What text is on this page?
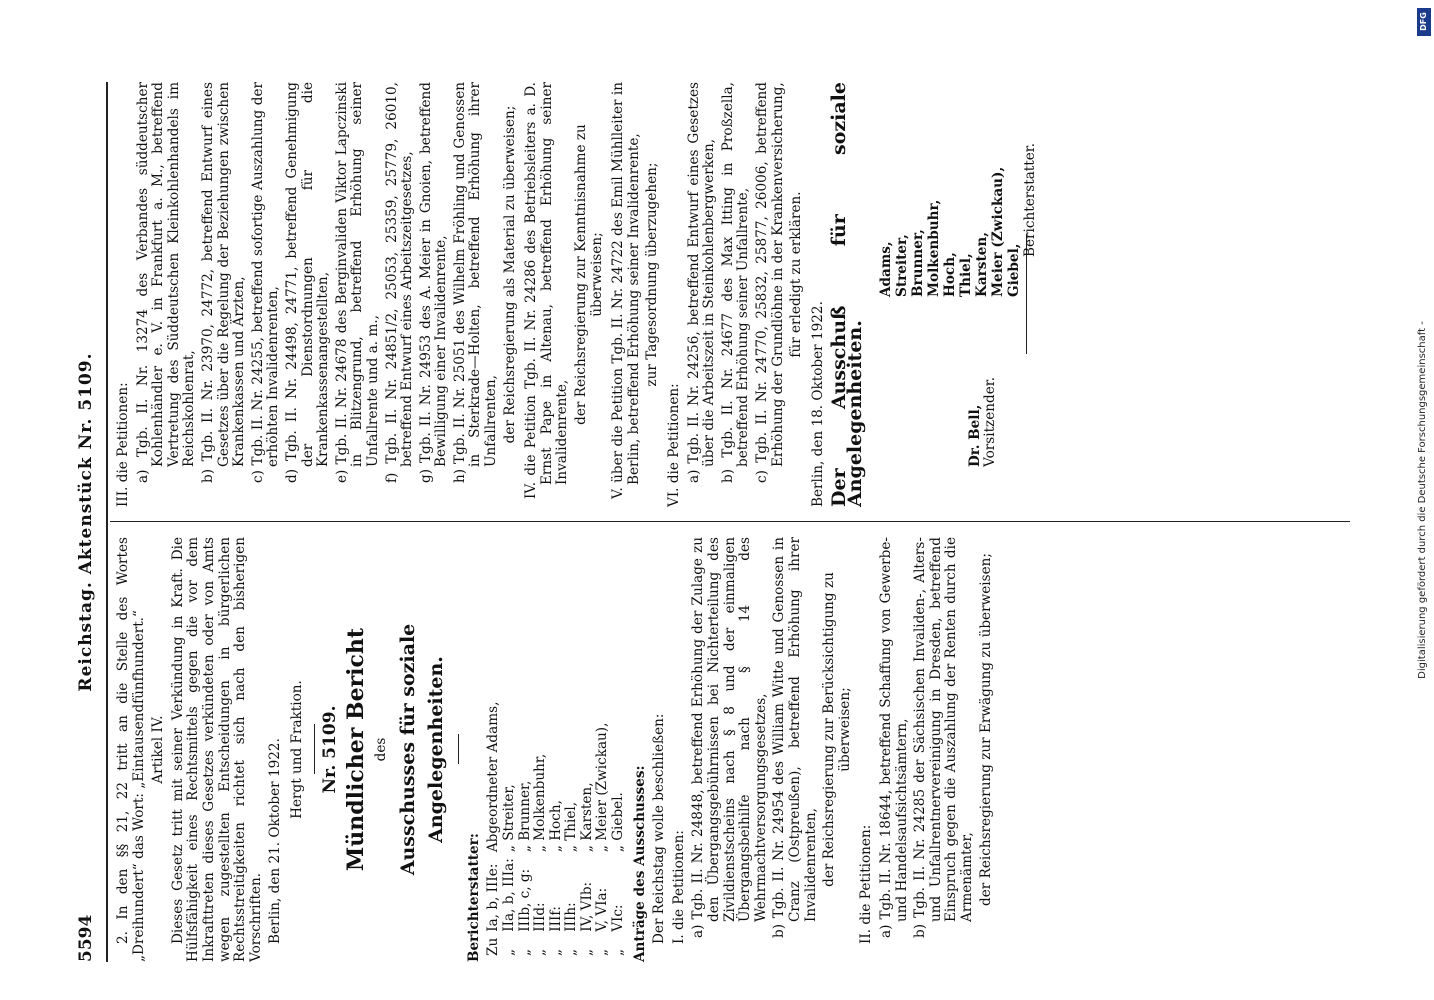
5594
Reichstag. Aktenstück Nr. 5109.

2. In den §§ 21, 22 tritt an die Stelle des Wortes „Dreihundert“ das Wort: „Eintausendfünfhundert.“ Artikel IV. Dieses Gesetz tritt mit seiner Verkündung in Kraft. Die Hülfsfähigkeit eines Rechtsmittels gegen die vor dem Inkrafttreten dieses Gesetzes verkündeten oder von Amts wegen zugestellten Entscheidungen in bürgerlichen Rechtsstreitigkeiten richtet sich nach den bisherigen Vorschriften. Berlin, den 21. Oktober 1922. Hergt und Fraktion. Nr. 5109. Mündlicher Bericht des Ausschusses für soziale Angelegenheiten.

Berichterstatter: Zu	Ia, b, IIIe:	Abgeordneter Adams,
„	IIa, b, IIIa:	„ Streiter,
„	IIIb, c, g:	„ Brunner,
„	IIId:	„ Molkenbuhr,
„	IIIf:	„ Hoch,
„	IIIh:	„ Thiel,
„	IV, VIb:	„ Karsten,
„	V, VIa:	„ Meier (Zwickau),
„	VIc:	„ Giebel. Anträge des Ausschusses: Der Reichstag wolle beschließen: I. die Petitionen: a) Tgb. II. Nr. 24848, betreffend Erhöhung der Zulage zu den Übergangsgebührnissen bei Nichterteilung des Zivildienstscheins nach § 8 und der einmaligen Übergangsbeihilfe nach § 14 des Wehrmachtversorgungsgesetzes, b) Tgb. II. Nr. 24954 des William Witte und Genossen in Cranz (Ostpreußen), betreffend Erhöhung ihrer Invalidenrenten, der Reichsregierung zur Berücksichtigung zu überweisen;

II. die Petitionen: a) Tgb. II. Nr. 18644, betreffend Schaffung von Gewerbe- und Handelsaufsichtsämtern, b) Tgb. II. Nr. 24285 der Sächsischen Invaliden-, Alters- und Unfallrentnervereinigung in Dresden, betreffend Einspruch gegen die Auszahlung der Renten durch die Armenämter, der Reichsregierung zur Erwägung zu überweisen;

III. die Petitionen: a) Tgb. II. Nr. 13274 des Verbandes süddeutscher Kohlenhändler e. V. in Frankfurt a. M., betreffend Vertretung des Süddeutschen Kleinkohlenhandels im Reichskohlenrat, b) Tgb. II. Nr. 23970, 24772, betreffend Entwurf eines Gesetzes über die Regelung der Beziehungen zwischen Krankenkassen und Ärzten, c) Tgb. II. Nr. 24255, betreffend sofortige Auszahlung der erhöhten Invalidenrenten, d) Tgb. II. Nr. 24498, 24771, betreffend Genehmigung der Dienstordnungen für die Krankenkassenangestellten, e) Tgb. II. Nr. 24678 des Berginvaliden Viktor Lapczinski in Blitzengrund, betreffend Erhöhung seiner Unfallrente und a. m., f) Tgb. II. Nr. 24851/2, 25053, 25359, 25779, 26010, betreffend Entwurf eines Arbeitszeitgesetzes, g) Tgb. II. Nr. 24953 des A. Meier in Gnoien, betreffend Bewilligung einer Invalidenrente, h) Tgb. II. Nr. 25051 des Wilhelm Fröhling und Genossen in Sterkrade—Holten, betreffend Erhöhung ihrer Unfallrenten, der Reichsregierung als Material zu überweisen; IV. die Petition Tgb. II. Nr. 24286 des Betriebsleiters a. D. Ernst Pape in Altenau, betreffend Erhöhung seiner Invalidenrente,

der Reichsregierung zur Kenntnisnahme zu überweisen; V. über die Petition Tgb. II. Nr. 24722 des Emil Mühlleiter in Berlin, betreffend Erhöhung seiner Invalidenrente, zur Tagesordnung überzugehen;

VI. die Petitionen: a) Tgb. II. Nr. 24256, betreffend Entwurf eines Gesetzes über die Arbeitszeit in Steinkohlenbergwerken, b) Tgb. II. Nr. 24677 des Max Itting in Proßzella, betreffend Erhöhung seiner Unfallrente, c) Tgb. II. Nr. 24770, 25832, 25877, 26006, betreffend Erhöhung der Grundlöhne in der Krankenversicherung, für erledigt zu erklären.

Berlin, den 18. Oktober 1922. Der Ausschuß für soziale Angelegenheiten.	Dr. Bell, Vorsitzender.
Adams, Streiter, Brunner, Molkenbuhr, Hoch, Thiel, Karsten, Meier (Zwickau), Giebel,
Berichterstatter.
Digitalisierung gefördert durch die Deutsche Forschungsgemeinschaft -
DFG
